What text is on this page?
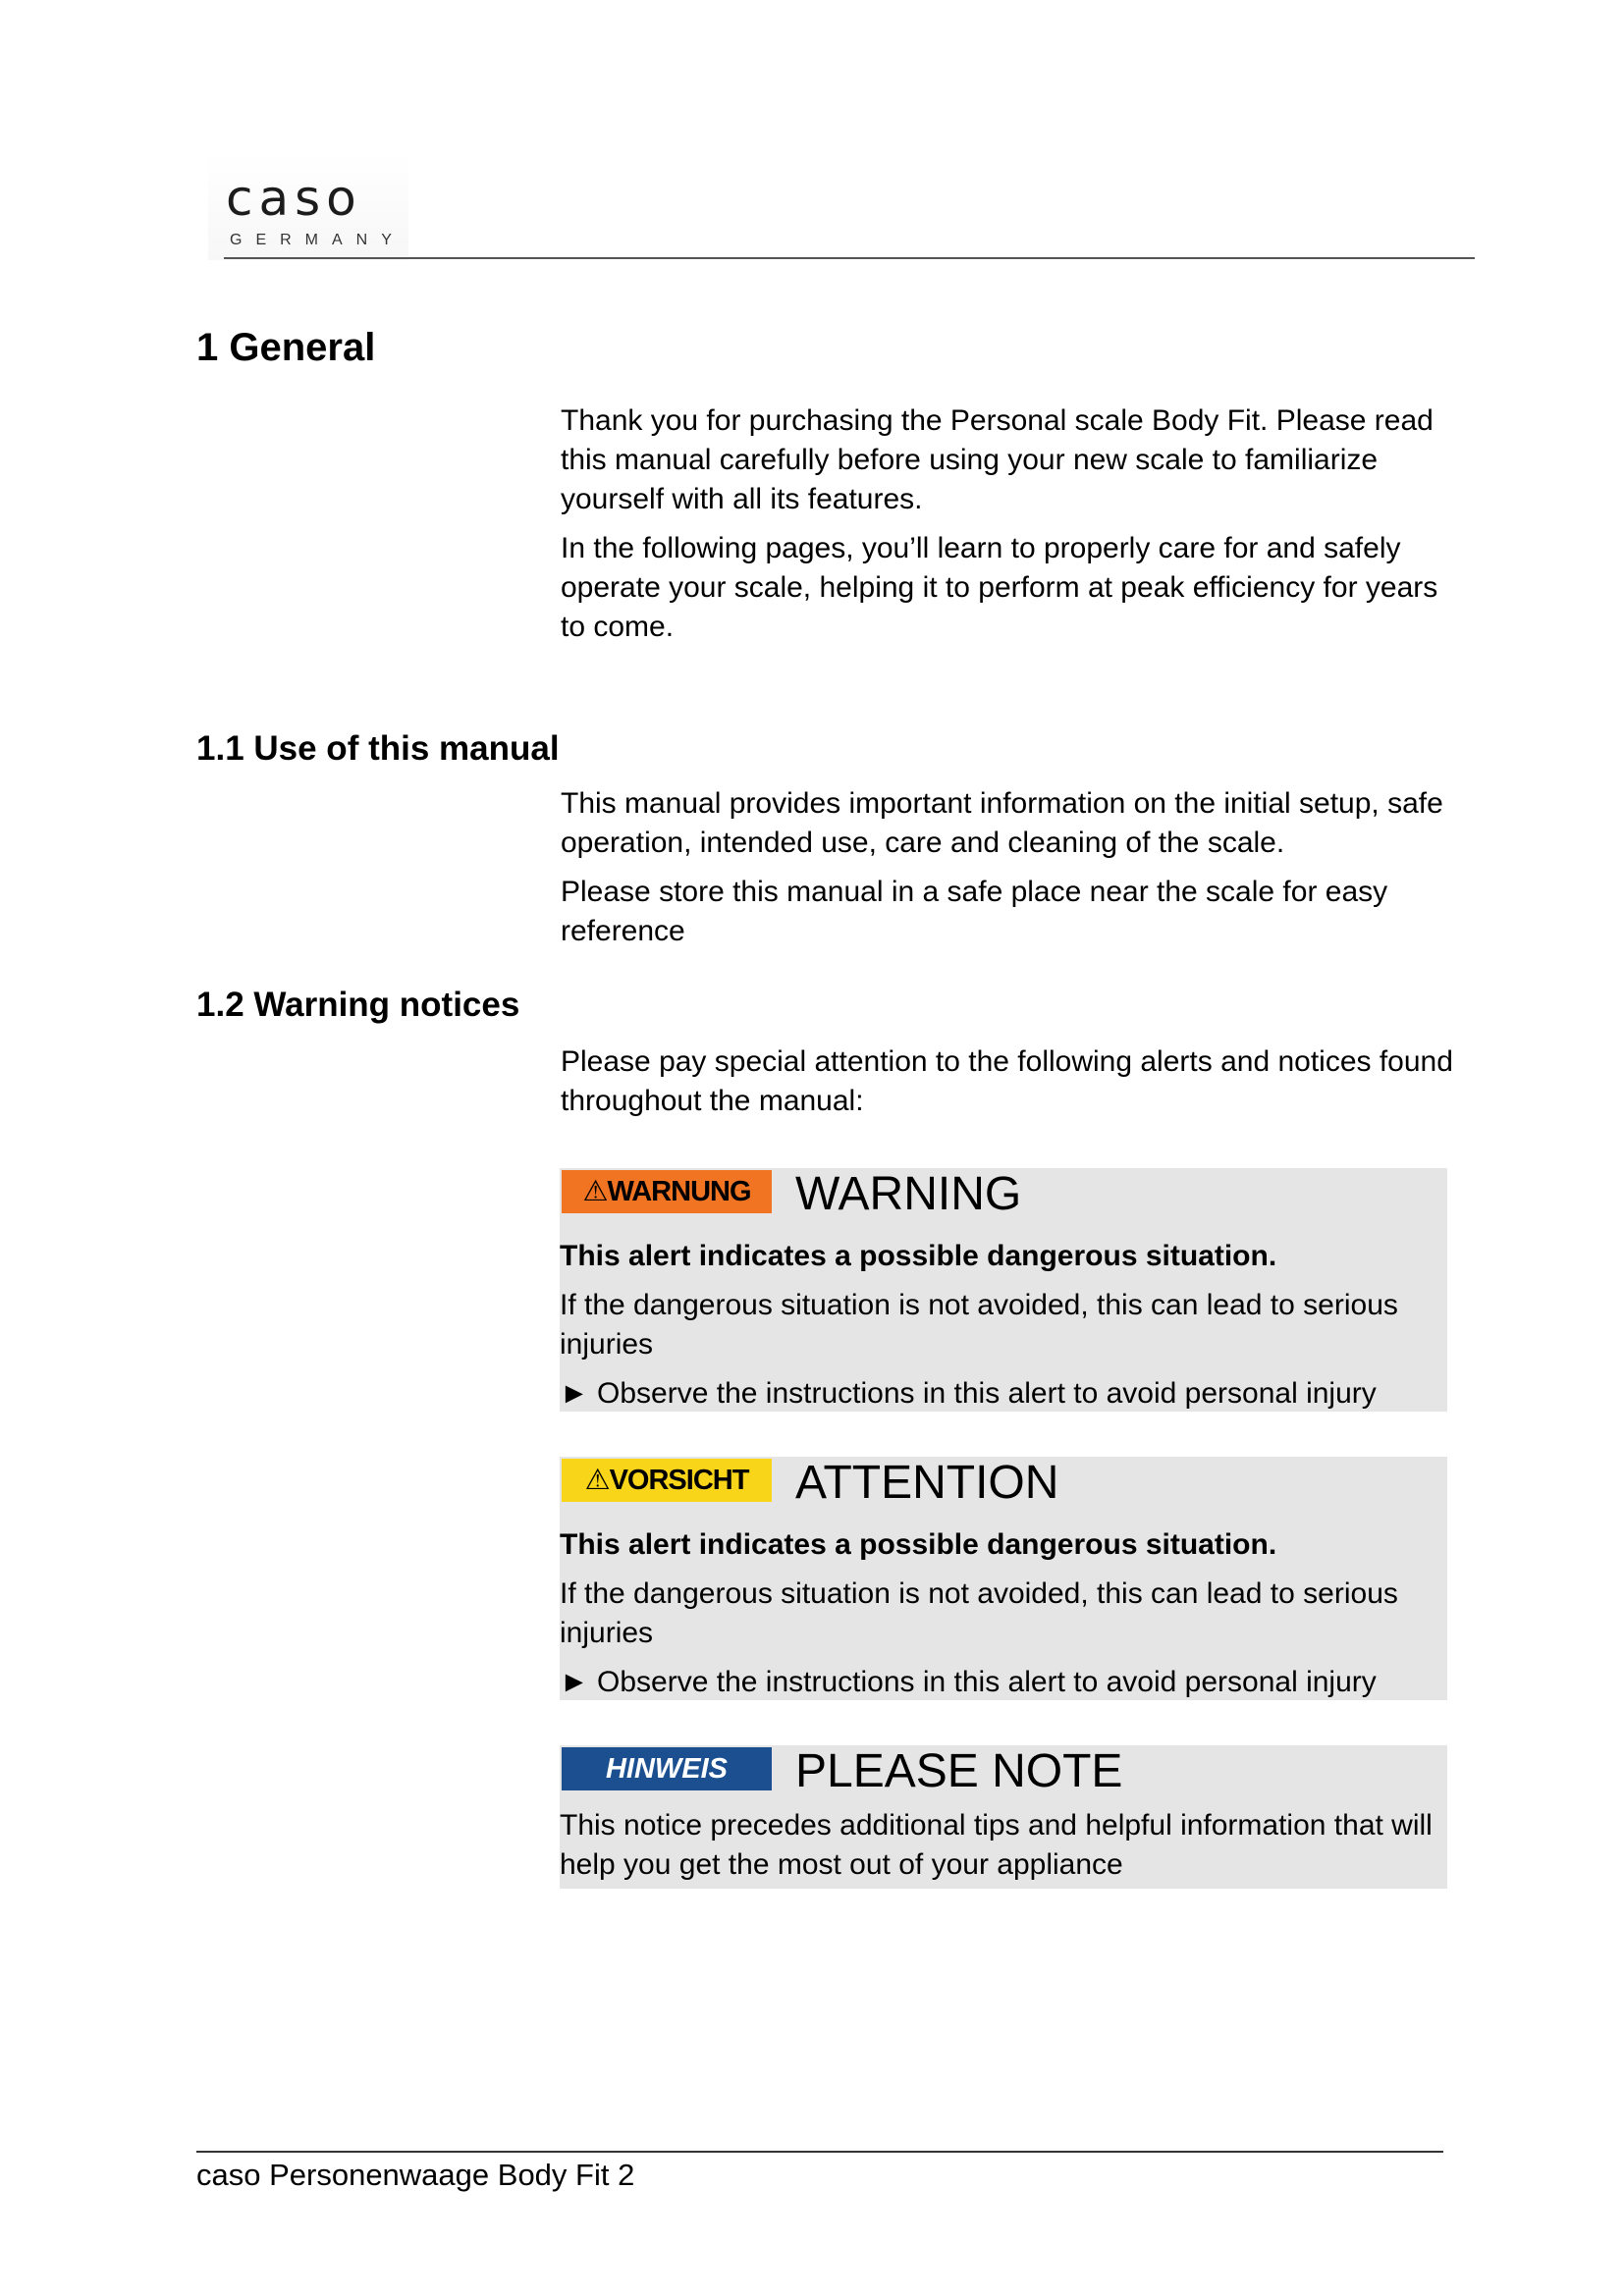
caso
GERMANY
1 General

Thank you for purchasing the Personal scale Body Fit. Please read this manual carefully before using your new scale to familiarize yourself with all its features.

In the following pages, you’ll learn to properly care for and safely operate your scale, helping it to perform at peak efficiency for years to come.

1.1 Use of this manual

This manual provides important information on the initial setup, safe operation, intended use, care and cleaning of the scale.

Please store this manual in a safe place near the scale for easy reference

1.2 Warning notices

Please pay special attention to the following alerts and notices found throughout the manual:

⚠WARNUNG WARNING

This alert indicates a possible dangerous situation.

If the dangerous situation is not avoided, this can lead to serious injuries

► Observe the instructions in this alert to avoid personal injury

⚠VORSICHT ATTENTION

This alert indicates a possible dangerous situation.

If the dangerous situation is not avoided, this can lead to serious injuries

► Observe the instructions in this alert to avoid personal injury

HINWEIS	PLEASE NOTE

This notice precedes additional tips and helpful information that will help you get the most out of your appliance

caso Personenwaage Body Fit 2
